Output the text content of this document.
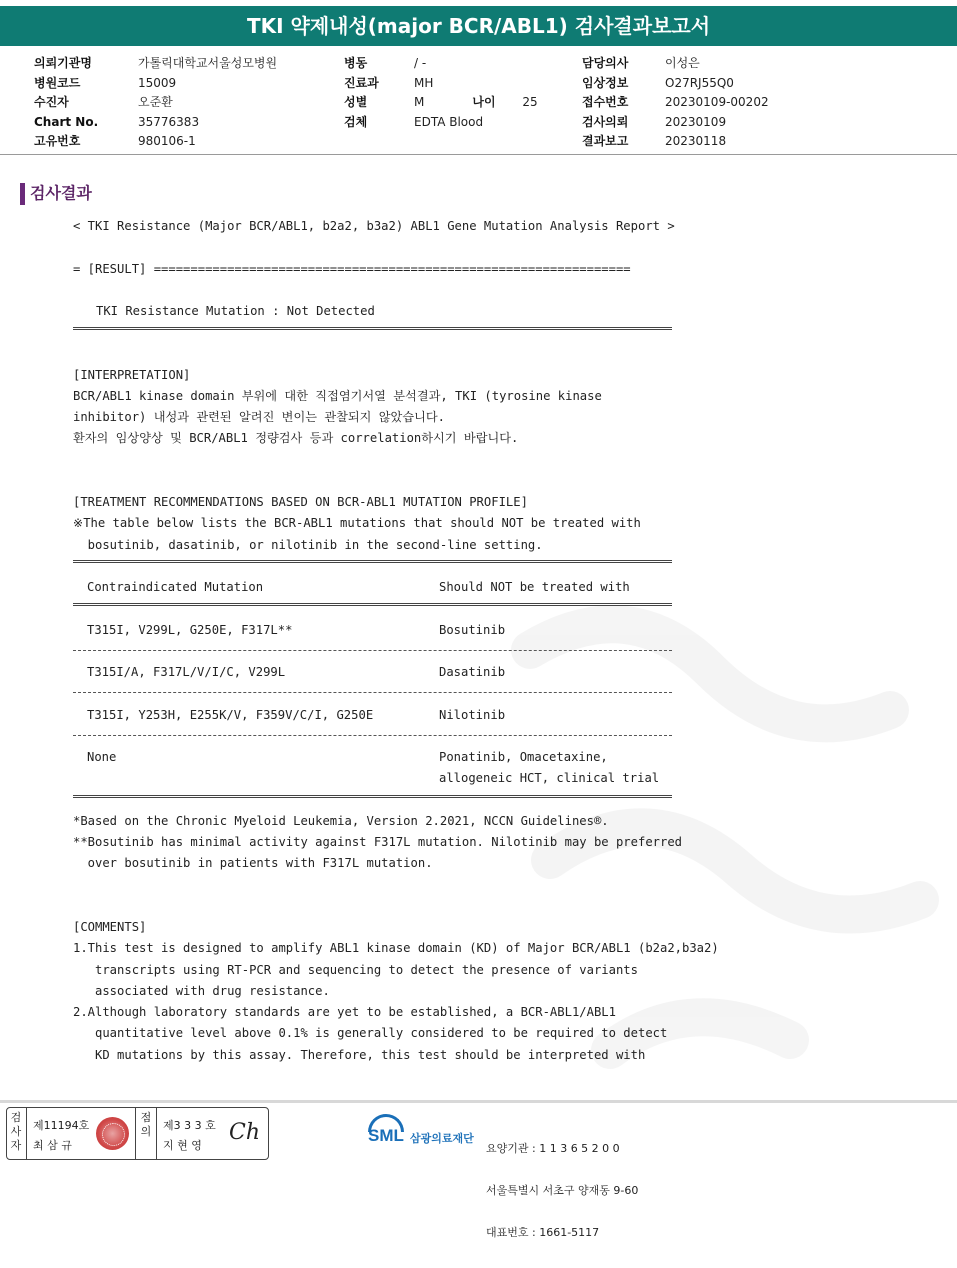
TKI 약제내성(major BCR/ABL1) 검사결과보고서
의뢰기관명	가톨릭대학교서울성모병원
병원코드	15009
수진자	오준환
Chart No.	35776383
고유번호	980106-1
병동	/ -
진료과	MH
성별	M	나이 25
검체	EDTA Blood
담당의사	이성은
임상정보	O27RJ55Q0
접수번호	20230109-00202
검사의뢰	20230109
결과보고	20230118
검사결과
< TKI Resistance (Major BCR/ABL1, b2a2, b3a2) ABL1 Gene Mutation Analysis Report >
= [RESULT] =================================================================
TKI Resistance Mutation : Not Detected
[INTERPRETATION]
BCR/ABL1 kinase domain 부위에 대한 직접염기서열 분석결과, TKI (tyrosine kinase
inhibitor) 내성과 관련된 알려진 변이는 관찰되지 않았습니다.
환자의 임상양상 및 BCR/ABL1 정량검사 등과 correlation하시기 바랍니다.
[TREATMENT RECOMMENDATIONS BASED ON BCR-ABL1 MUTATION PROFILE]
※The table below lists the BCR-ABL1 mutations that should NOT be treated with
bosutinib, dasatinib, or nilotinib in the second-line setting.
Contraindicated Mutation	Should NOT be treated with
T315I, V299L, G250E, F317L**	Bosutinib
T315I/A, F317L/V/I/C, V299L	Dasatinib
T315I, Y253H, E255K/V, F359V/C/I, G250E	Nilotinib
None	Ponatinib, Omacetaxine,
allogeneic HCT, clinical trial
*Based on the Chronic Myeloid Leukemia, Version 2.2021, NCCN Guidelines®.
**Bosutinib has minimal activity against F317L mutation. Nilotinib may be preferred
over bosutinib in patients with F317L mutation.
[COMMENTS]
1.This test is designed to amplify ABL1 kinase domain (KD) of Major BCR/ABL1 (b2a2,b3a2)
transcripts using RT-PCR and sequencing to detect the presence of variants
associated with drug resistance.
2.Although laboratory standards are yet to be established, a BCR-ABL1/ABL1
quantitative level above 0.1% is generally considered to be required to detect
KD mutations by this assay. Therefore, this test should be interpreted with
검사자
제11194호
최 삼 규
점의	제3 3 3 호
지 현 영
Ch	SML 삼광의료재단

요양기관 : 1 1 3 6 5 2 0 0

서울특별시 서초구 양재동 9-60

대표번호 : 1661-5117
